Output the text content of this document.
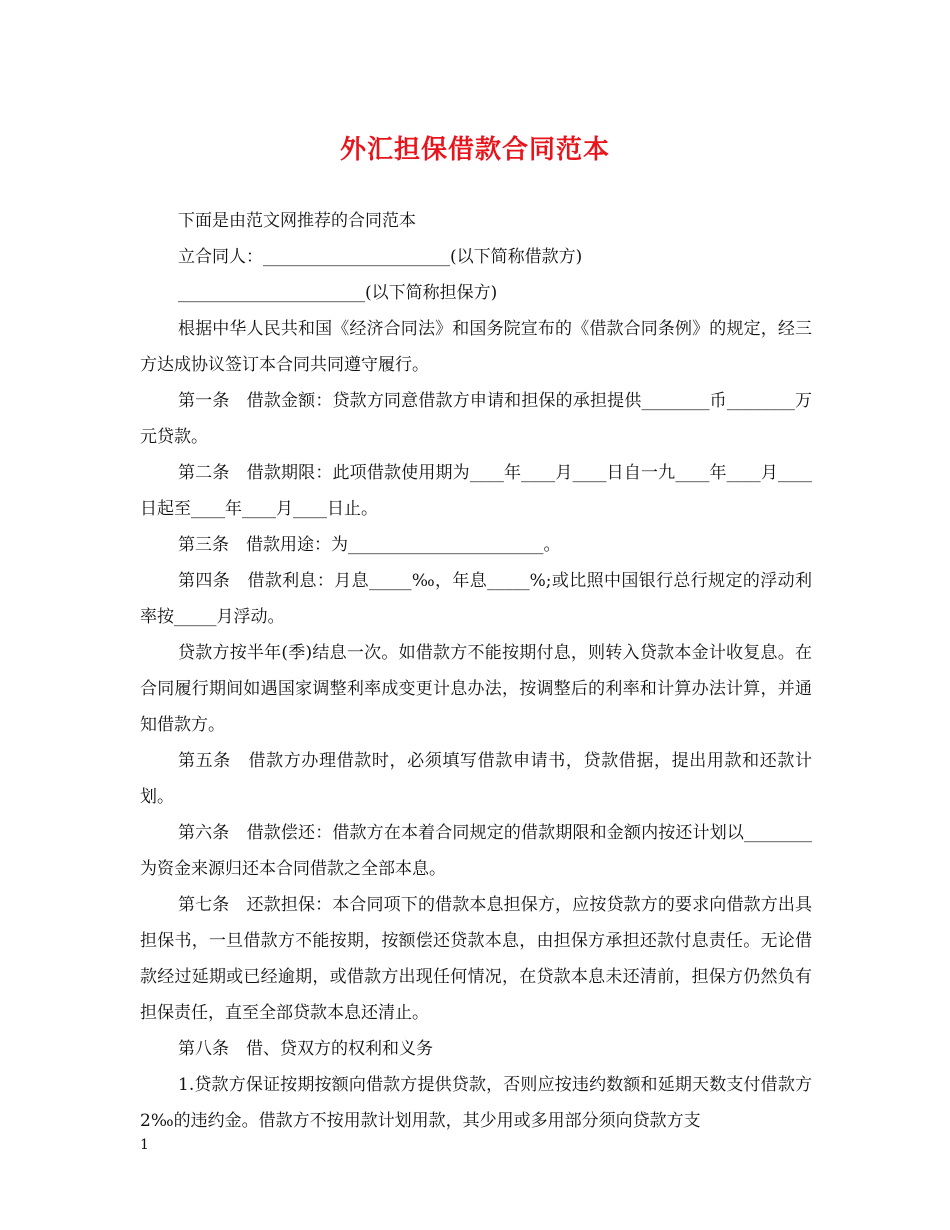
外汇担保借款合同范本

下面是由范文网推荐的合同范本

立合同人：______________________(以下简称借款方)

______________________(以下简称担保方)

根据中华人民共和国《经济合同法》和国务院宣布的《借款合同条例》的规定，经三方达成协议签订本合同共同遵守履行。

第一条　借款金额：贷款方同意借款方申请和担保的承担提供________币________万元贷款。

第二条　借款期限：此项借款使用期为____年____月____日自一九____年____月____日起至____年____月____日止。

第三条　借款用途：为_______________________。

第四条　借款利息：月息_____‰，年息_____%;或比照中国银行总行规定的浮动利率按_____月浮动。

贷款方按半年(季)结息一次。如借款方不能按期付息，则转入贷款本金计收复息。在合同履行期间如遇国家调整利率成变更计息办法，按调整后的利率和计算办法计算，并通知借款方。

第五条　借款方办理借款时，必须填写借款申请书，贷款借据，提出用款和还款计划。

第六条　借款偿还：借款方在本着合同规定的借款期限和金额内按还计划以________为资金来源归还本合同借款之全部本息。

第七条　还款担保：本合同项下的借款本息担保方，应按贷款方的要求向借款方出具担保书，一旦借款方不能按期，按额偿还贷款本息，由担保方承担还款付息责任。无论借款经过延期或已经逾期，或借款方出现任何情况，在贷款本息未还清前，担保方仍然负有担保责任，直至全部贷款本息还清止。

第八条　借、贷双方的权利和义务

1.贷款方保证按期按额向借款方提供贷款，否则应按违约数额和延期天数支付借款方2‰的违约金。借款方不按用款计划用款，其少用或多用部分须向贷款方支

1
